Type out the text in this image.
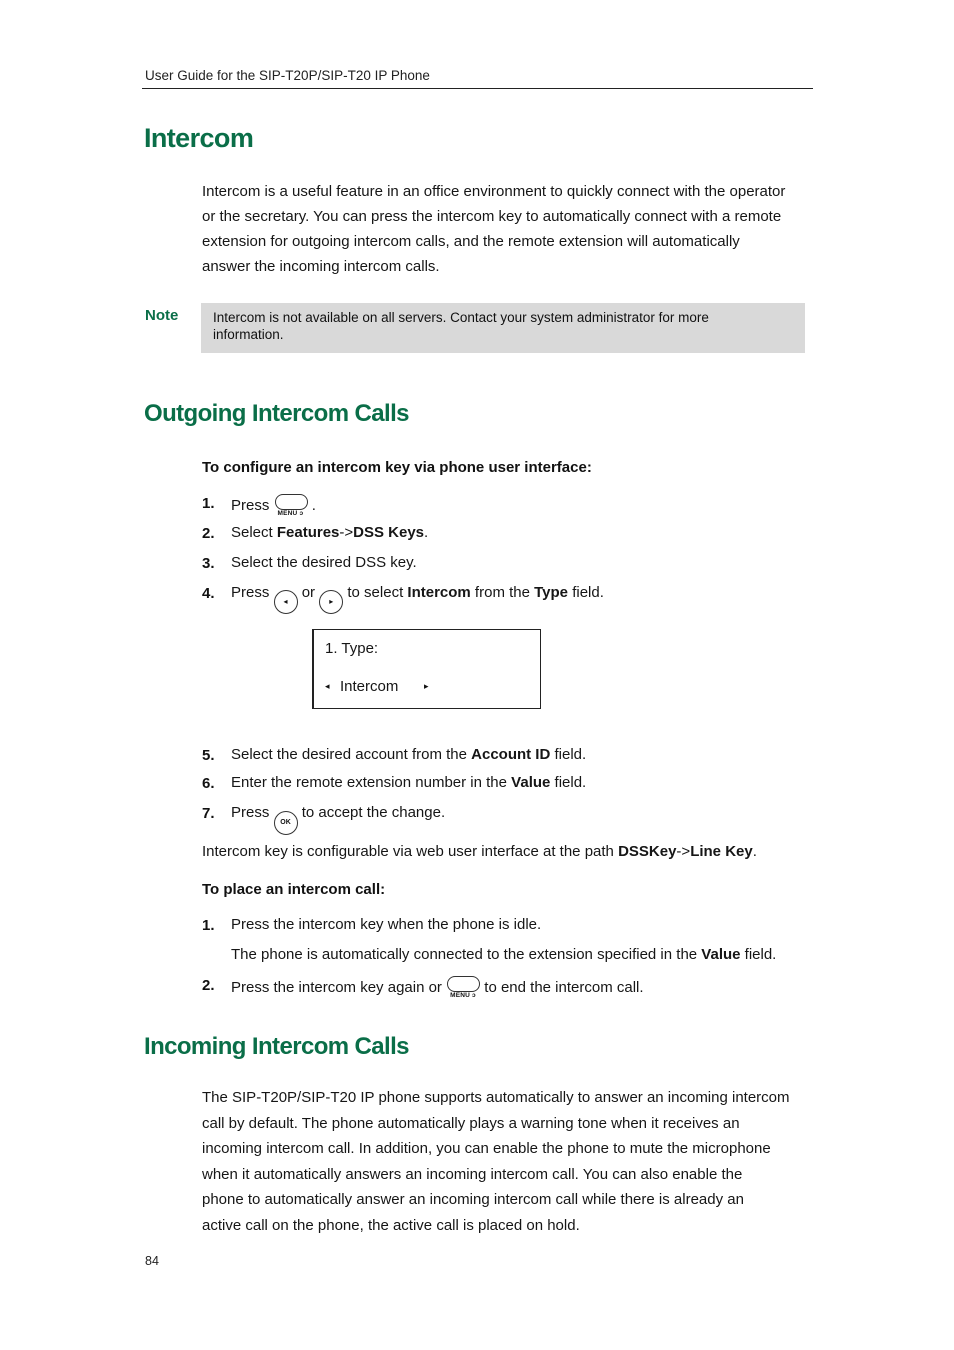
User Guide for the SIP-T20P/SIP-T20 IP Phone
Intercom
Intercom is a useful feature in an office environment to quickly connect with the operator
or the secretary. You can press the intercom key to automatically connect with a remote
extension for outgoing intercom calls, and the remote extension will automatically
answer the incoming intercom calls.
Note	Intercom is not available on all servers. Contact your system administrator for more
information.
Outgoing Intercom Calls
To configure an intercom key via phone user interface:
1. Press MENU ↄ .
2. Select Features->DSS Keys.
3. Select the desired DSS key.
4. Press ◂ or ▸ to select Intercom from the Type field.
1. Type:
◂ Intercom	▸
5. Select the desired account from the Account ID field.
6. Enter the remote extension number in the Value field.
7. Press OK to accept the change.
Intercom key is configurable via web user interface at the path DSSKey->Line Key.
To place an intercom call:
1. Press the intercom key when the phone is idle.
The phone is automatically connected to the extension specified in the Value field.
2. Press the intercom key again or MENU ↄ to end the intercom call.
Incoming Intercom Calls
The SIP-T20P/SIP-T20 IP phone supports automatically to answer an incoming intercom
call by default. The phone automatically plays a warning tone when it receives an
incoming intercom call. In addition, you can enable the phone to mute the microphone
when it automatically answers an incoming intercom call. You can also enable the
phone to automatically answer an incoming intercom call while there is already an
active call on the phone, the active call is placed on hold.
84
